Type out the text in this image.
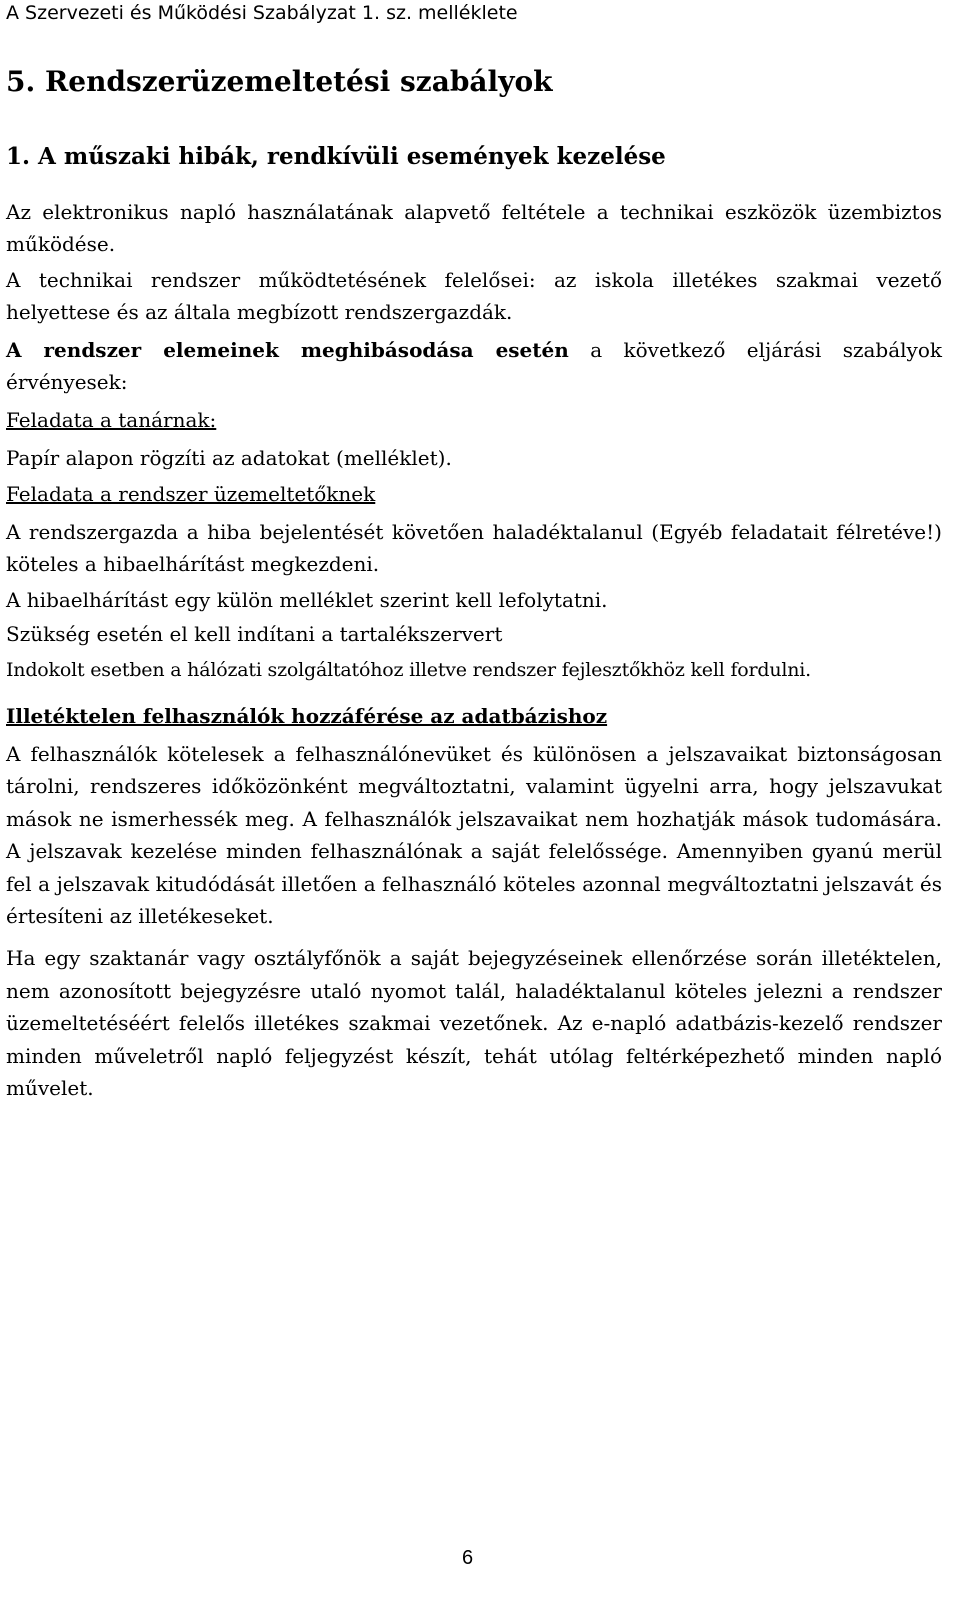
A Szervezeti és Működési Szabályzat 1. sz. melléklete
5. Rendszerüzemeltetési szabályok
1. A műszaki hibák, rendkívüli események kezelése

Az elektronikus napló használatának alapvető feltétele a technikai eszközök üzembiztos működése.

A technikai rendszer működtetésének felelősei: az iskola illetékes szakmai vezető helyettese és az általa megbízott rendszergazdák.

A rendszer elemeinek meghibásodása esetén a következő eljárási szabályok érvényesek:

Feladata a tanárnak:

Papír alapon rögzíti az adatokat (melléklet).

Feladata a rendszer üzemeltetőknek

A rendszergazda a hiba bejelentését követően haladéktalanul (Egyéb feladatait félretéve!) köteles a hibaelhárítást megkezdeni.

A hibaelhárítást egy külön melléklet szerint kell lefolytatni.

Szükség esetén el kell indítani a tartalékszervert

Indokolt esetben a hálózati szolgáltatóhoz illetve rendszer fejlesztőkhöz kell fordulni.

Illetéktelen felhasználók hozzáférése az adatbázishoz

A felhasználók kötelesek a felhasználónevüket és különösen a jelszavaikat biztonságosan tárolni, rendszeres időközönként megváltoztatni, valamint ügyelni arra, hogy jelszavukat mások ne ismerhessék meg. A felhasználók jelszavaikat nem hozhatják mások tudomására. A jelszavak kezelése minden felhasználónak a saját felelőssége. Amennyiben gyanú merül fel a jelszavak kitudódását illetően a felhasználó köteles azonnal megváltoztatni jelszavát és értesíteni az illetékeseket.

Ha egy szaktanár vagy osztályfőnök a saját bejegyzéseinek ellenőrzése során illetéktelen, nem azonosított bejegyzésre utaló nyomot talál, haladéktalanul köteles jelezni a rendszer üzemeltetéséért felelős illetékes szakmai vezetőnek. Az e-napló adatbázis-kezelő rendszer minden műveletről napló feljegyzést készít, tehát utólag feltérképezhető minden napló művelet.

6
